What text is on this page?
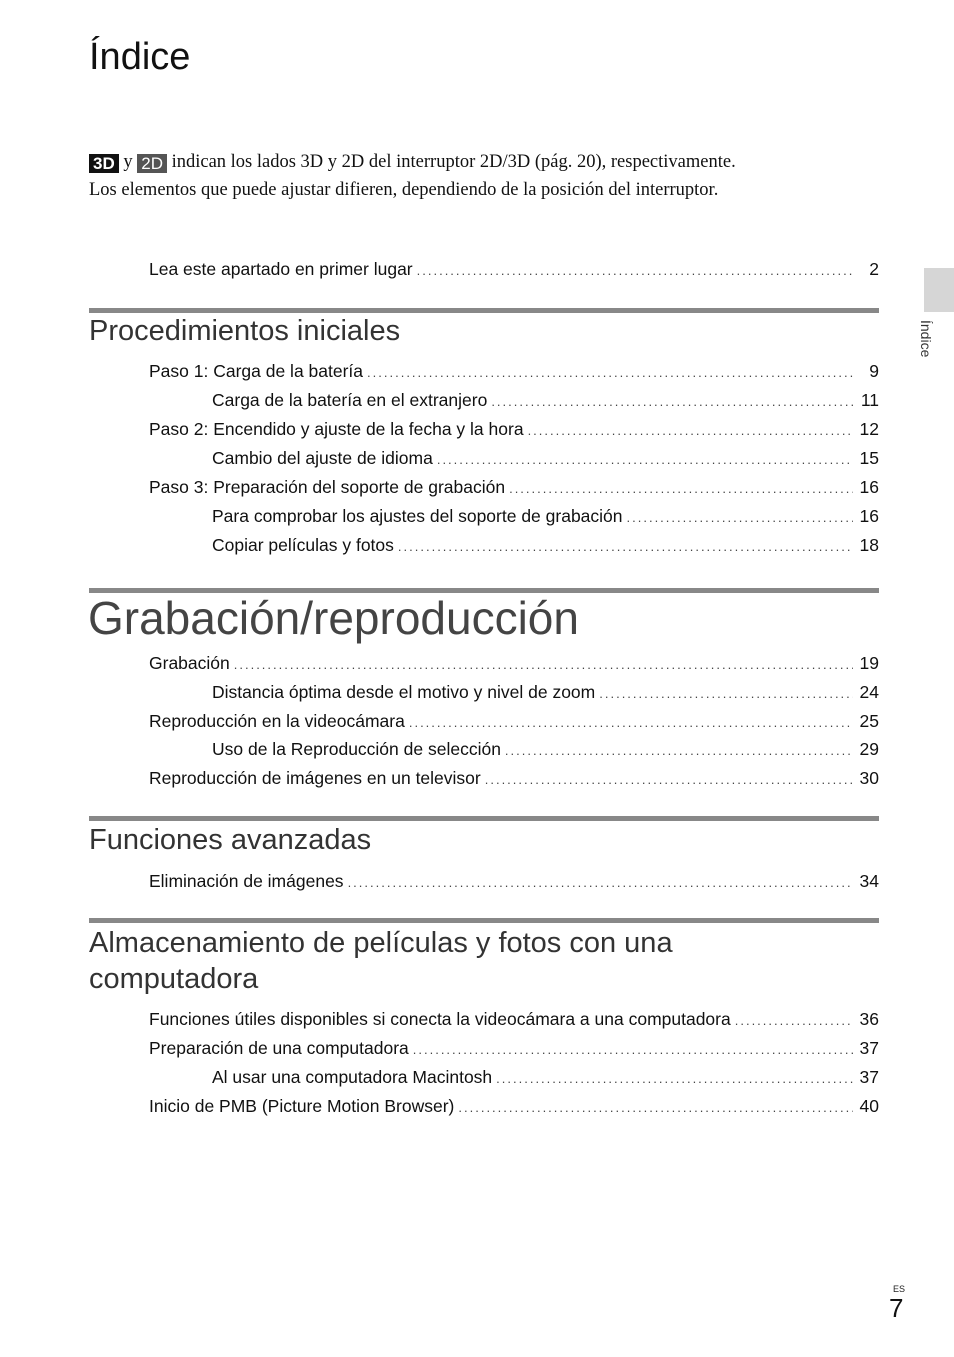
Índice
3D y 2D indican los lados 3D y 2D del interruptor 2D/3D (pág. 20), respectivamente.
Los elementos que puede ajustar difieren, dependiendo de la posición del interruptor.
Lea este apartado en primer lugar .....	2
Procedimientos iniciales
Paso 1: Carga de la batería .....	9
Carga de la batería en el extranjero .....	11
Paso 2: Encendido y ajuste de la fecha y la hora .....	12
Cambio del ajuste de idioma .....	15
Paso 3: Preparación del soporte de grabación .....	16
Para comprobar los ajustes del soporte de grabación .....	16
Copiar películas y fotos .....	18
Grabación/reproducción
Grabación .....	19
Distancia óptima desde el motivo y nivel de zoom .....	24
Reproducción en la videocámara .....	25
Uso de la Reproducción de selección .....	29
Reproducción de imágenes en un televisor .....	30
Funciones avanzadas
Eliminación de imágenes .....	34
Almacenamiento de películas y fotos con una
computadora
Funciones útiles disponibles si conecta la videocámara a una computadora .....	36
Preparación de una computadora .....	37
Al usar una computadora Macintosh .....	37
Inicio de PMB (Picture Motion Browser) .....	40
Índice
ES
7
